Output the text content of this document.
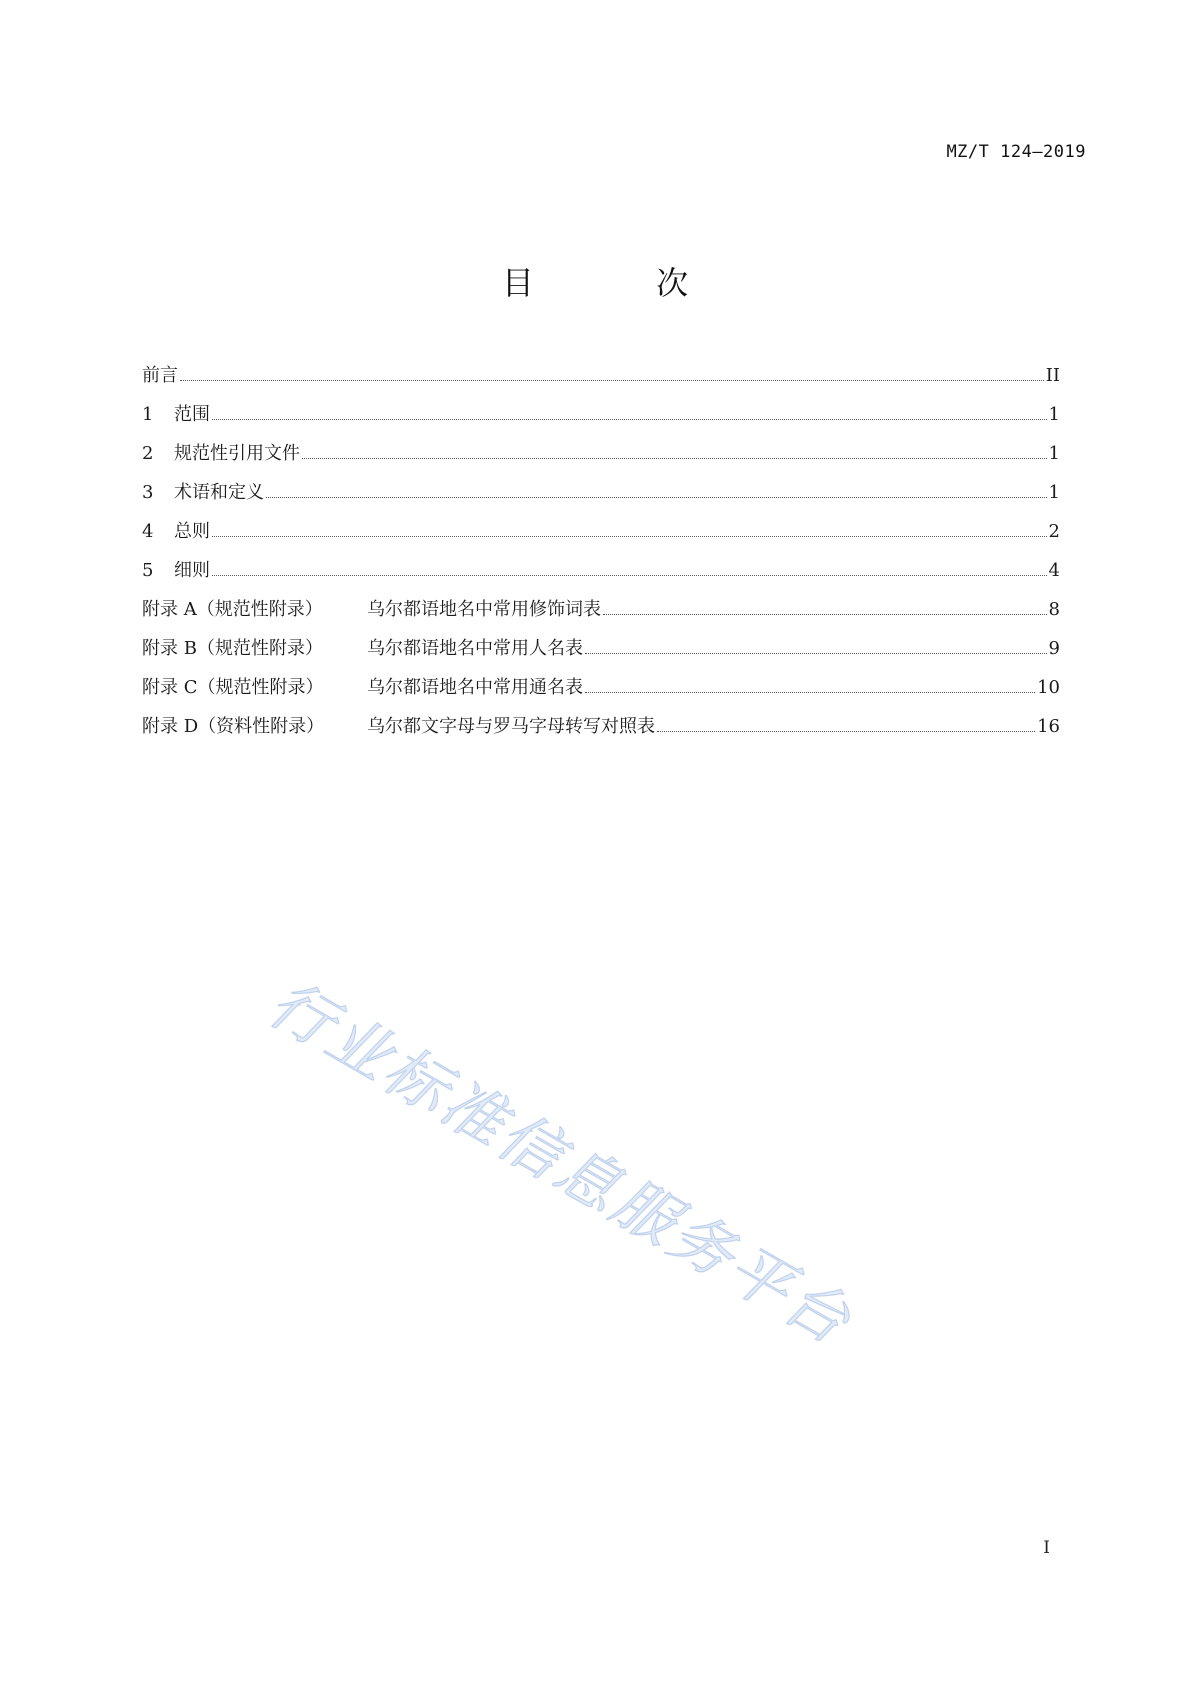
MZ/T 124—2019
目 次
前言	II
1	范围	1
2	规范性引用文件	1
3	术语和定义	1
4	总则	2
5	细则	4
附录 A（规范性附录）	乌尔都语地名中常用修饰词表	8
附录 B（规范性附录）	乌尔都语地名中常用人名表	9
附录 C（规范性附录）	乌尔都语地名中常用通名表	10
附录 D（资料性附录）	乌尔都文字母与罗马字母转写对照表	16
行业标准信息服务平台
I
